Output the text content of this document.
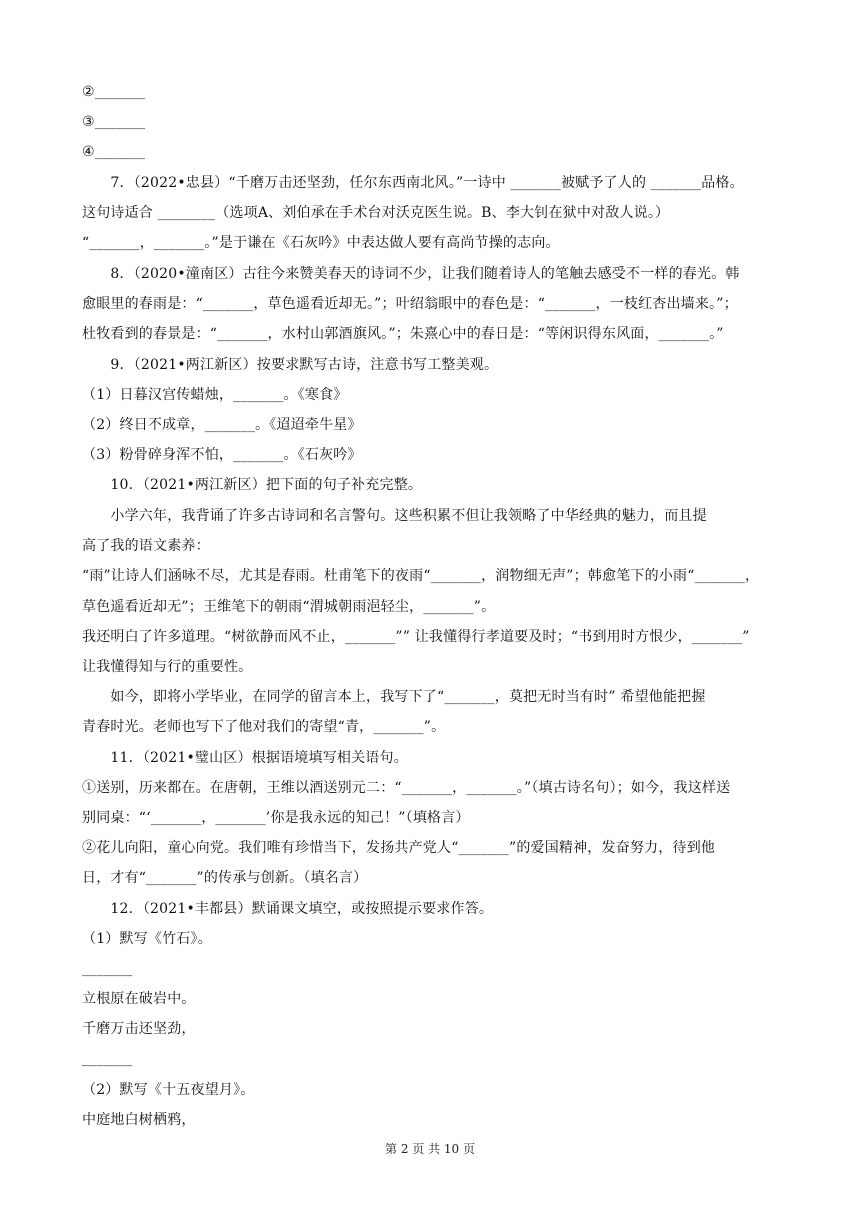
②_______
③_______
④_______
　　7．（2022•忠县）“千磨万击还坚劲，任尔东西南北风。”一诗中 _______被赋予了人的 _______品格。
这句诗适合 ________（选项A、刘伯承在手术台对沃克医生说。B、李大钊在狱中对敌人说。）
“_______，_______。”是于谦在《石灰吟》中表达做人要有高尚节操的志向。
　　8．（2020•潼南区）古往今来赞美春天的诗词不少，让我们随着诗人的笔触去感受不一样的春光。韩
愈眼里的春雨是：“_______，草色遥看近却无。”；叶绍翁眼中的春色是：“_______，一枝红杏出墙来。”；
杜牧看到的春景是：“_______，水村山郭酒旗风。”；朱熹心中的春日是：“等闲识得东风面，_______。”
　　9．（2021•两江新区）按要求默写古诗，注意书写工整美观。
（1）日暮汉宫传蜡烛，_______。《寒食》
（2）终日不成章，_______。《迢迢牵牛星》
（3）粉骨碎身浑不怕，_______。《石灰吟》
　　10．（2021•两江新区）把下面的句子补充完整。
　　小学六年，我背诵了许多古诗词和名言警句。这些积累不但让我领略了中华经典的魅力，而且提
高了我的语文素养：
“雨”让诗人们涵咏不尽，尤其是春雨。杜甫笔下的夜雨“_______，润物细无声”；韩愈笔下的小雨“_______，
草色遥看近却无”；王维笔下的朝雨“渭城朝雨浥轻尘，_______”。
我还明白了许多道理。“树欲静而风不止，_______”” 让我懂得行孝道要及时；“书到用时方恨少，_______”
让我懂得知与行的重要性。
　　如今，即将小学毕业，在同学的留言本上，我写下了“_______，莫把无时当有时” 希望他能把握
青春时光。老师也写下了他对我们的寄望“青，_______”。
　　11．（2021•璧山区）根据语境填写相关语句。
①送别，历来都在。在唐朝，王维以酒送别元二：“_______，_______。”（填古诗名句）；如今，我这样送
别同桌：“‘_______，_______’你是我永远的知己！”（填格言）
②花儿向阳，童心向党。我们唯有珍惜当下，发扬共产党人“_______”的爱国精神，发奋努力，待到他
日，才有“_______”的传承与创新。（填名言）
　　12．（2021•丰都县）默诵课文填空，或按照提示要求作答。
（1）默写《竹石》。
_______
立根原在破岩中。
千磨万击还坚劲，
_______
（2）默写《十五夜望月》。
中庭地白树栖鸦，
第 2 页 共 10 页
